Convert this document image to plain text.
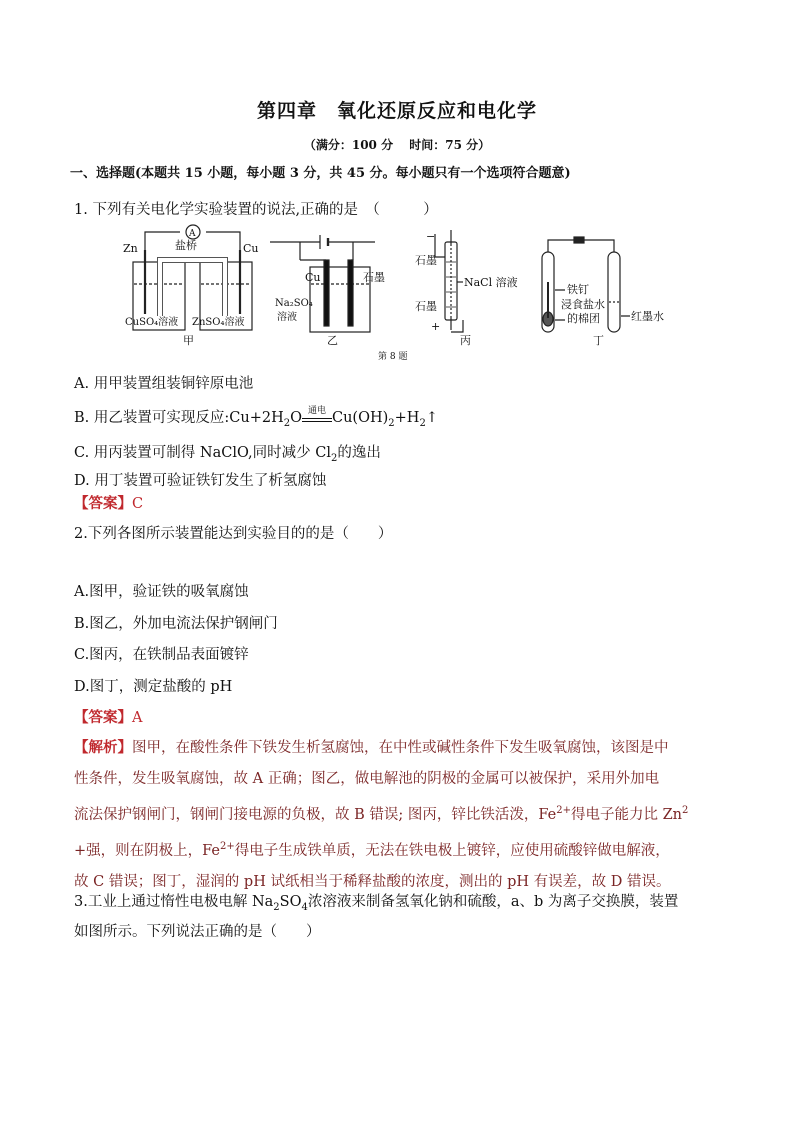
第四章　氧化还原反应和电化学
（满分：100 分　 时间：75 分）
一、选择题(本题共 15 小题，每小题 3 分，共 45 分。每小题只有一个选项符合题意)
1. 下列有关电化学实验装置的说法,正确的是　（　　　）
Zn	Cu
盐桥
A
CuSO₄溶液 ZnSO₄溶液
甲
Cu	石墨
Na₂SO₄
溶液
乙
−
石墨
NaCl 溶液
石墨
+
丙
铁钉
浸食盐水
的棉团	红墨水
丁
第 8 题
A. 用甲装置组装铜锌原电池
B. 用乙装置可实现反应$:Cu+2H_2O$ 通电 $Cu(OH)_2+H_2↑$
C. 用丙装置可制得 NaClO,同时减少 $Cl_2$的逸出
D. 用丁装置可验证铁钉发生了析氢腐蚀
【答案】C
2.下列各图所示装置能达到实验目的的是（　　）
A.图甲，验证铁的吸氧腐蚀
B.图乙，外加电流法保护钢闸门
C.图丙，在铁制品表面镀锌
D.图丁，测定盐酸的 pH
【答案】A
【解析】图甲，在酸性条件下铁发生析氢腐蚀，在中性或碱性条件下发生吸氧腐蚀，该图是中
性条件，发生吸氧腐蚀，故 A 正确；图乙，做电解池的阴极的金属可以被保护，采用外加电
流法保护钢闸门，钢闸门接电源的负极，故 B 错误; 图丙，锌比铁活泼，$Fe^{2+}$得电子能力比 $Zn^2$
+强，则在阴极上，$Fe^{2+}$得电子生成铁单质，无法在铁电极上镀锌，应使用硫酸锌做电解液，
故 C 错误；图丁，湿润的 pH 试纸相当于稀释盐酸的浓度，测出的 pH 有误差，故 D 错误。
3.工业上通过惰性电极电解 $Na_2SO_4$浓溶液来制备氢氧化钠和硫酸，a、b 为离子交换膜，装置
如图所示。下列说法正确的是（　　）
